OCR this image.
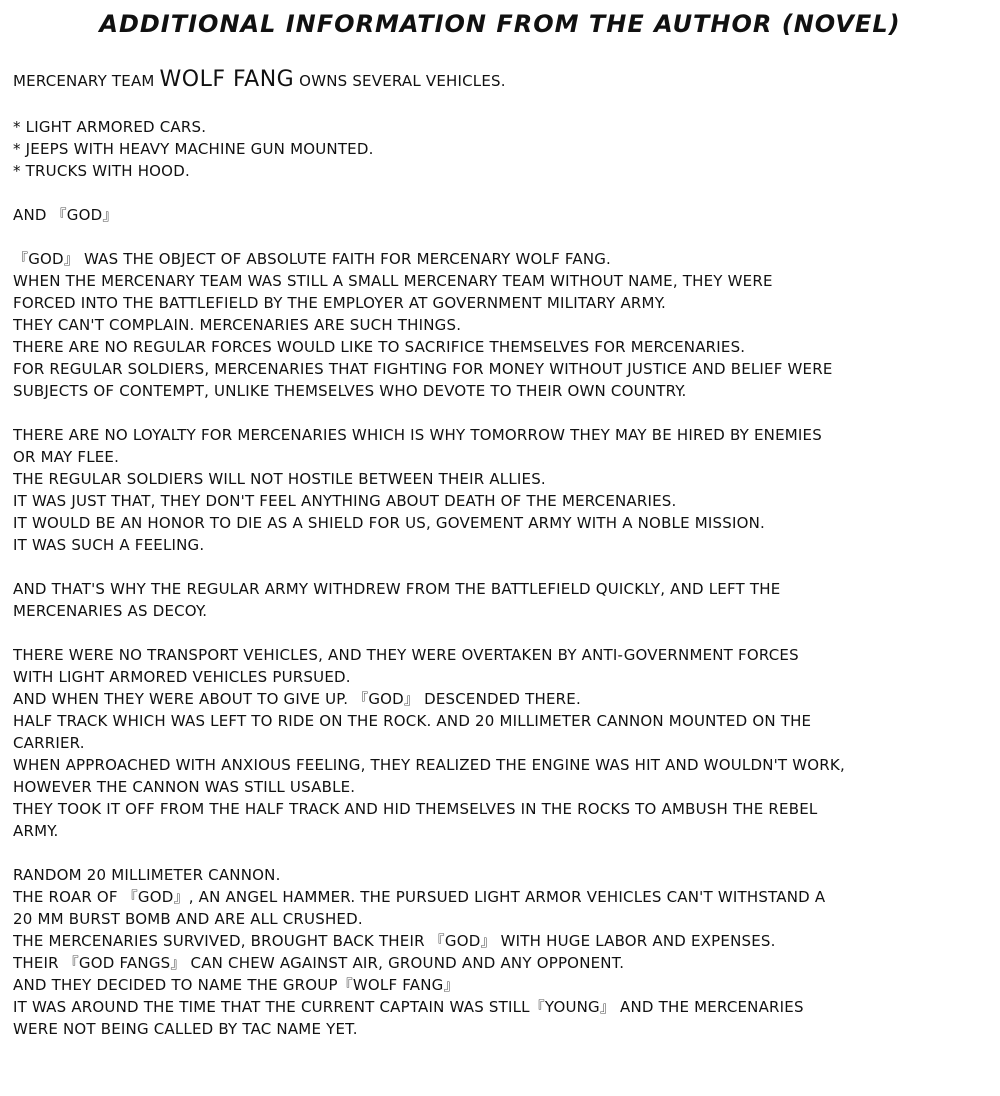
ADDITIONAL INFORMATION FROM THE AUTHOR (NOVEL)
MERCENARY TEAM WOLF FANG OWNS SEVERAL VEHICLES.
* LIGHT ARMORED CARS.
* JEEPS WITH HEAVY MACHINE GUN MOUNTED.
* TRUCKS WITH HOOD.
AND 『GOD』
『GOD』 WAS THE OBJECT OF ABSOLUTE FAITH FOR MERCENARY WOLF FANG.
WHEN THE MERCENARY TEAM WAS STILL A SMALL MERCENARY TEAM WITHOUT NAME, THEY WERE
FORCED INTO THE BATTLEFIELD BY THE EMPLOYER AT GOVERNMENT MILITARY ARMY.
THEY CAN'T COMPLAIN. MERCENARIES ARE SUCH THINGS.
THERE ARE NO REGULAR FORCES WOULD LIKE TO SACRIFICE THEMSELVES FOR MERCENARIES.
FOR REGULAR SOLDIERS, MERCENARIES THAT FIGHTING FOR MONEY WITHOUT JUSTICE AND BELIEF WERE
SUBJECTS OF CONTEMPT, UNLIKE THEMSELVES WHO DEVOTE TO THEIR OWN COUNTRY.
THERE ARE NO LOYALTY FOR MERCENARIES WHICH IS WHY TOMORROW THEY MAY BE HIRED BY ENEMIES
OR MAY FLEE.
THE REGULAR SOLDIERS WILL NOT HOSTILE BETWEEN THEIR ALLIES.
IT WAS JUST THAT, THEY DON'T FEEL ANYTHING ABOUT DEATH OF THE MERCENARIES.
IT WOULD BE AN HONOR TO DIE AS A SHIELD FOR US, GOVEMENT ARMY WITH A NOBLE MISSION.
IT WAS SUCH A FEELING.
AND THAT'S WHY THE REGULAR ARMY WITHDREW FROM THE BATTLEFIELD QUICKLY, AND LEFT THE
MERCENARIES AS DECOY.
THERE WERE NO TRANSPORT VEHICLES, AND THEY WERE OVERTAKEN BY ANTI-GOVERNMENT FORCES
WITH LIGHT ARMORED VEHICLES PURSUED.
AND WHEN THEY WERE ABOUT TO GIVE UP. 『GOD』 DESCENDED THERE.
HALF TRACK WHICH WAS LEFT TO RIDE ON THE ROCK. AND 20 MILLIMETER CANNON MOUNTED ON THE
CARRIER.
WHEN APPROACHED WITH ANXIOUS FEELING, THEY REALIZED THE ENGINE WAS HIT AND WOULDN'T WORK,
HOWEVER THE CANNON WAS STILL USABLE.
THEY TOOK IT OFF FROM THE HALF TRACK AND HID THEMSELVES IN THE ROCKS TO AMBUSH THE REBEL
ARMY.
RANDOM 20 MILLIMETER CANNON.
THE ROAR OF 『GOD』, AN ANGEL HAMMER. THE PURSUED LIGHT ARMOR VEHICLES CAN'T WITHSTAND A
20 MM BURST BOMB AND ARE ALL CRUSHED.
THE MERCENARIES SURVIVED, BROUGHT BACK THEIR 『GOD』 WITH HUGE LABOR AND EXPENSES.
THEIR 『GOD FANGS』 CAN CHEW AGAINST AIR, GROUND AND ANY OPPONENT.
AND THEY DECIDED TO NAME THE GROUP『WOLF FANG』
IT WAS AROUND THE TIME THAT THE CURRENT CAPTAIN WAS STILL『YOUNG』 AND THE MERCENARIES
WERE NOT BEING CALLED BY TAC NAME YET.
